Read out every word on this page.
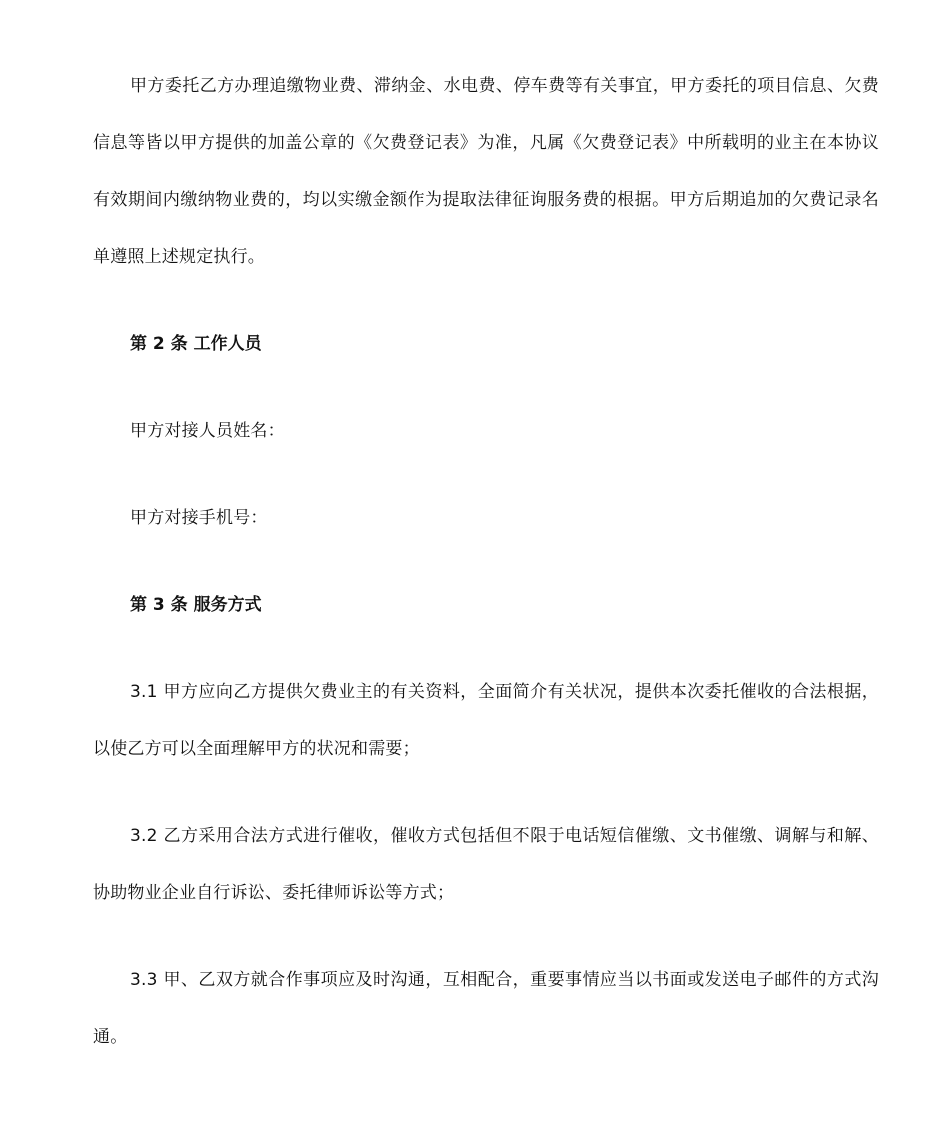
甲方委托乙方办理追缴物业费、滞纳金、水电费、停车费等有关事宜，甲方委托的项目信息、欠费信息等皆以甲方提供的加盖公章的《欠费登记表》为准，凡属《欠费登记表》中所载明的业主在本协议有效期间内缴纳物业费的，均以实缴金额作为提取法律征询服务费的根据。甲方后期追加的欠费记录名单遵照上述规定执行。

第 2 条 工作人员

甲方对接人员姓名：

甲方对接手机号：

第 3 条 服务方式

3.1 甲方应向乙方提供欠费业主的有关资料，全面简介有关状况，提供本次委托催收的合法根据，以使乙方可以全面理解甲方的状况和需要；

3.2 乙方采用合法方式进行催收，催收方式包括但不限于电话短信催缴、文书催缴、调解与和解、协助物业企业自行诉讼、委托律师诉讼等方式；

3.3 甲、乙双方就合作事项应及时沟通，互相配合，重要事情应当以书面或发送电子邮件的方式沟通。
